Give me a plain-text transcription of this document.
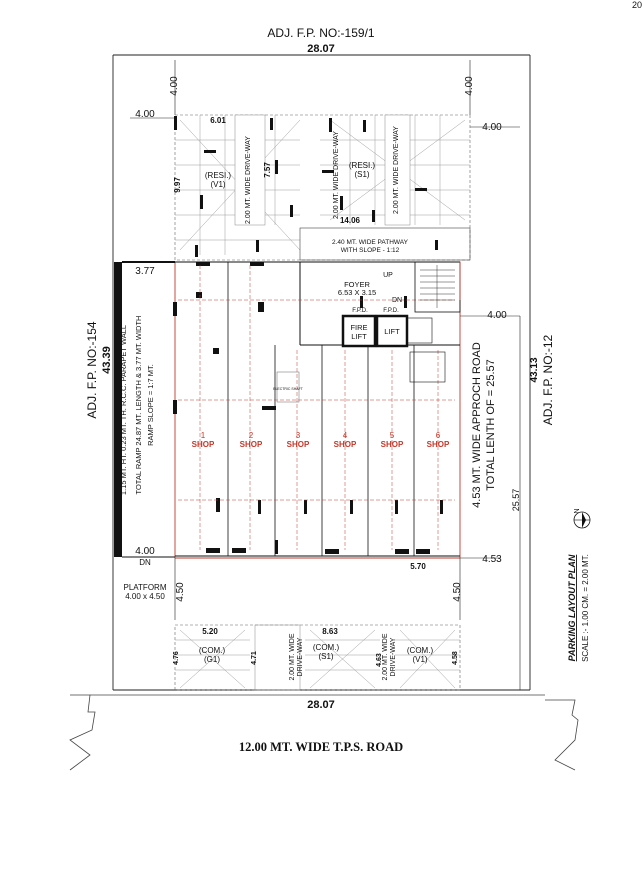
ADJ. F.P. NO:-159/1
28.07
20
4.00
4.00
4.00
4.00
6.01
9.97
7.57
14.06
(RESI.)
(V1)
(RESI.)
(S1)
2.00 MT. WIDE DRIVE-WAY	2.00 MT. WIDE DRIVE-WAY	2.00 MT. WIDE DRIVE-WAY
2.40 MT. WIDE PATHWAY
WITH SLOPE - 1:12
1.15 MT. HT. 0.23 MT. TH. R.C.C. PARAPET WALL TOTAL RAMP 24.87 MT. LENGTH & 3.77 MT. WIDTH RAMP SLOPE = 1:7 MT.
3.77
4.00
DN
ADJ. F.P. NO:-154 43.39
ELECTRIC SHAFT
1
SHOP
2
SHOP
3
SHOP
4
SHOP
5
SHOP
6
SHOP
FOYER
6.53 X 3.15
F.P.D.	F.P.D.
UP
DN
FIRE
LIFT
LIFT
4.00
4.53 MT. WIDE APPROCH ROAD TOTAL LENTH OF = 25.57
25.57
43.13 ADJ. F.P. NO:-12
4.53
5.70
PLATFORM
4.00 x 4.50 4.50	4.50
5.20	8.63
4.76	4.71	4.63	4.58
(COM.)
(G1)
(COM.)
(S1)
(COM.)
(V1)
2.00 MT. WIDE DRIVE-WAY	2.00 MT. WIDE DRIVE-WAY
28.07
12.00 MT. WIDE T.P.S. ROAD
N
PARKING LAYOUT PLAN SCALE :- 1.00 CM. = 2.00 MT.
